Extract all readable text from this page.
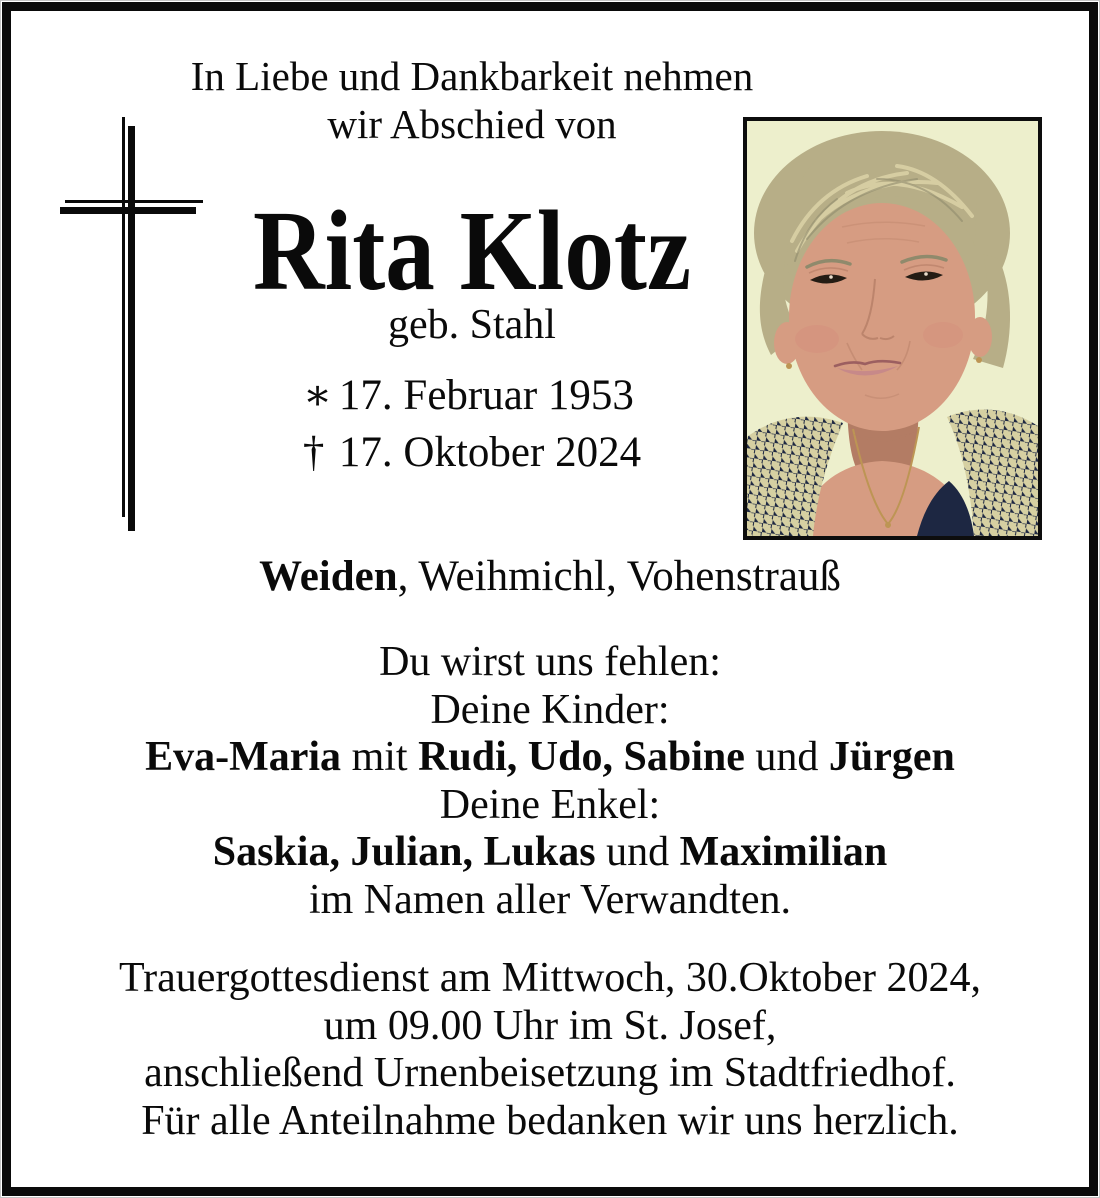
In Liebe und Dankbarkeit nehmen
wir Abschied von
Rita Klotz
geb. Stahl
∗ 17. Februar 1953
† 17. Oktober 2024
Weiden, Weihmichl, Vohenstrauß
Du wirst uns fehlen:
Deine Kinder:
Eva-Maria mit Rudi, Udo, Sabine und Jürgen
Deine Enkel:
Saskia, Julian, Lukas und Maximilian
im Namen aller Verwandten.
Trauergottesdienst am Mittwoch, 30.Oktober 2024,
um 09.00 Uhr im St. Josef,
anschließend Urnenbeisetzung im Stadtfriedhof.
Für alle Anteilnahme bedanken wir uns herzlich.
